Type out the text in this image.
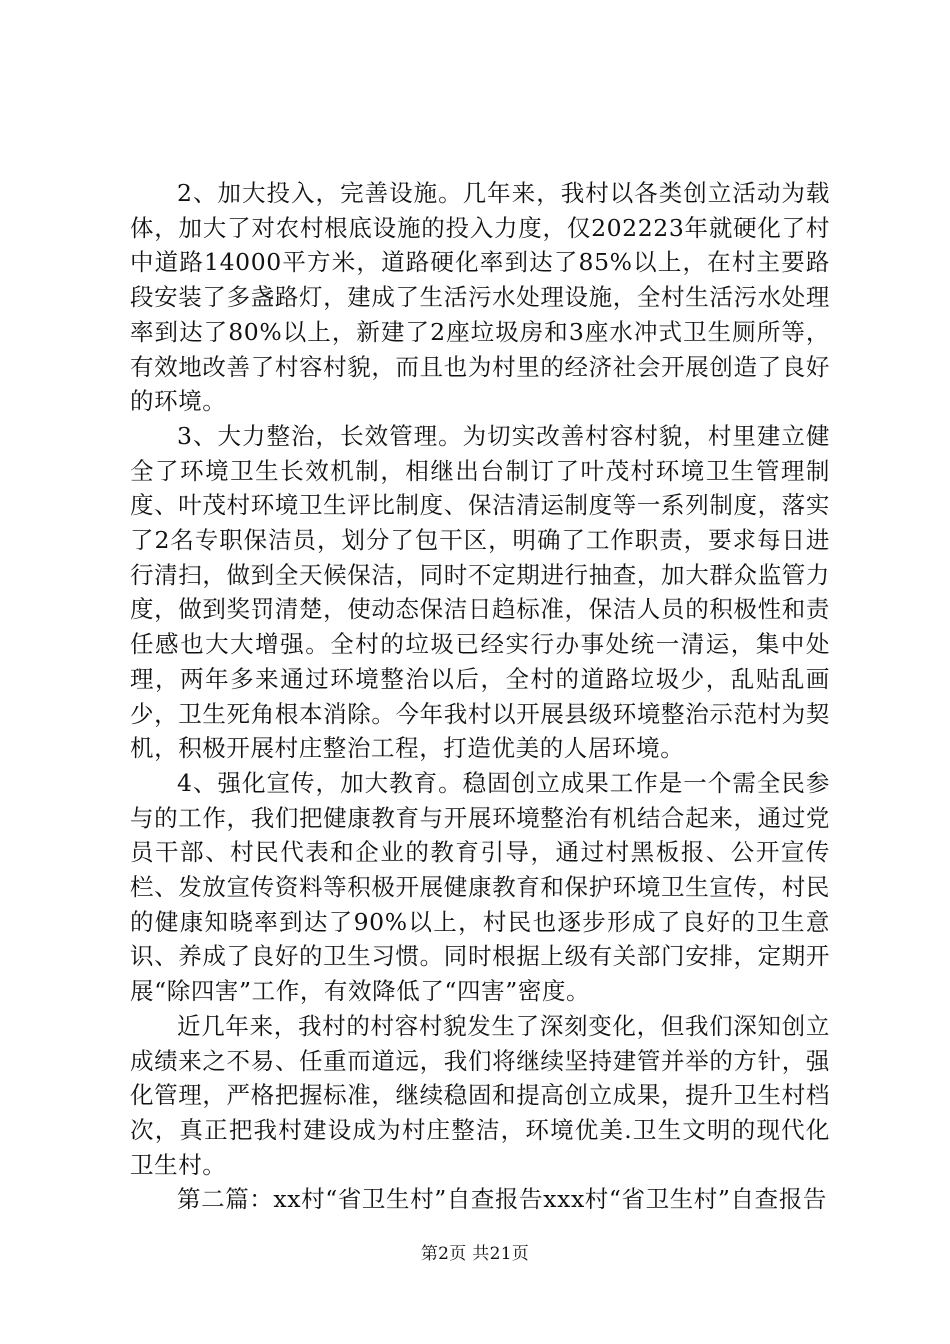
2、加大投入，完善设施。几年来，我村以各类创立活动为载体，加大了对农村根底设施的投入力度，仅202223年就硬化了村中道路14000平方米，道路硬化率到达了85%以上，在村主要路段安装了多盏路灯，建成了生活污水处理设施，全村生活污水处理率到达了80%以上，新建了2座垃圾房和3座水冲式卫生厕所等，有效地改善了村容村貌，而且也为村里的经济社会开展创造了良好的环境。

3、大力整治，长效管理。为切实改善村容村貌，村里建立健全了环境卫生长效机制，相继出台制订了叶茂村环境卫生管理制度、叶茂村环境卫生评比制度、保洁清运制度等一系列制度，落实了2名专职保洁员，划分了包干区，明确了工作职责，要求每日进行清扫，做到全天候保洁，同时不定期进行抽查，加大群众监管力度，做到奖罚清楚，使动态保洁日趋标准，保洁人员的积极性和责任感也大大增强。全村的垃圾已经实行办事处统一清运，集中处理，两年多来通过环境整治以后，全村的道路垃圾少，乱贴乱画少，卫生死角根本消除。今年我村以开展县级环境整治示范村为契机，积极开展村庄整治工程，打造优美的人居环境。

4、强化宣传，加大教育。稳固创立成果工作是一个需全民参与的工作，我们把健康教育与开展环境整治有机结合起来，通过党员干部、村民代表和企业的教育引导，通过村黑板报、公开宣传栏、发放宣传资料等积极开展健康教育和保护环境卫生宣传，村民的健康知晓率到达了90%以上，村民也逐步形成了良好的卫生意识、养成了良好的卫生习惯。同时根据上级有关部门安排，定期开展“除四害”工作，有效降低了“四害”密度。

近几年来，我村的村容村貌发生了深刻变化，但我们深知创立成绩来之不易、任重而道远，我们将继续坚持建管并举的方针，强化管理，严格把握标准，继续稳固和提高创立成果，提升卫生村档次，真正把我村建设成为村庄整洁，环境优美.卫生文明的现代化卫生村。

第二篇：xx村“省卫生村”自查报告xxx村“省卫生村”自查报告

第2页 共21页
